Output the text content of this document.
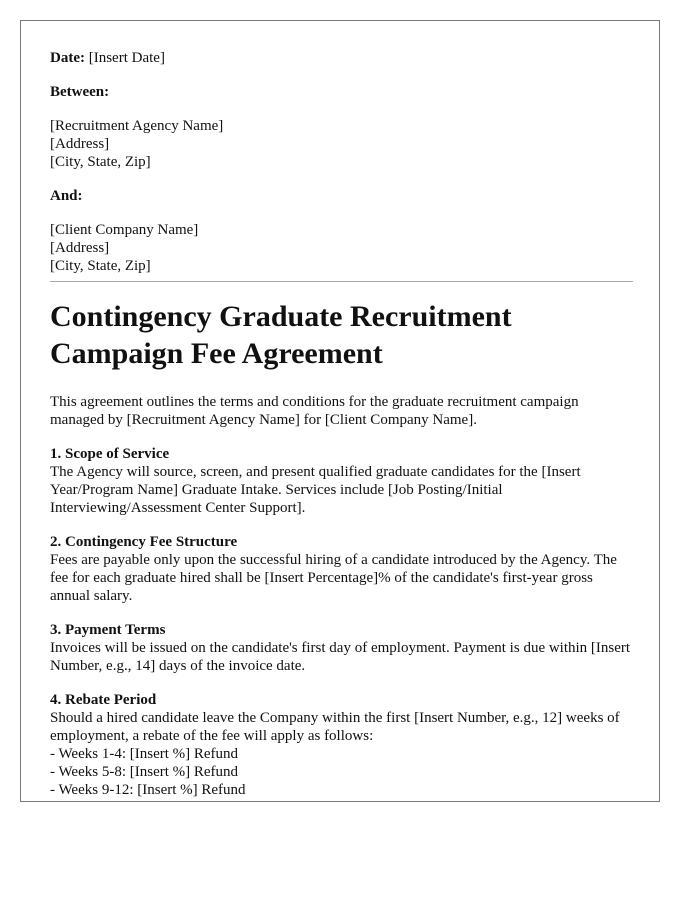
Date: [Insert Date]

Between:

[Recruitment Agency Name]
[Address]
[City, State, Zip]

And:

[Client Company Name]
[Address]
[City, State, Zip]

Contingency Graduate Recruitment
Campaign Fee Agreement

This agreement outlines the terms and conditions for the graduate recruitment campaign managed by [Recruitment Agency Name] for [Client Company Name].

1. Scope of Service
The Agency will source, screen, and present qualified graduate candidates for the [Insert Year/Program Name] Graduate Intake. Services include [Job Posting/Initial Interviewing/Assessment Center Support].
2. Contingency Fee Structure
Fees are payable only upon the successful hiring of a candidate introduced by the Agency. The fee for each graduate hired shall be [Insert Percentage]% of the candidate's first-year gross annual salary.
3. Payment Terms
Invoices will be issued on the candidate's first day of employment. Payment is due within [Insert Number, e.g., 14] days of the invoice date.
4. Rebate Period
Should a hired candidate leave the Company within the first [Insert Number, e.g., 12] weeks of employment, a rebate of the fee will apply as follows:
- Weeks 1-4: [Insert %] Refund
- Weeks 5-8: [Insert %] Refund
- Weeks 9-12: [Insert %] Refund
